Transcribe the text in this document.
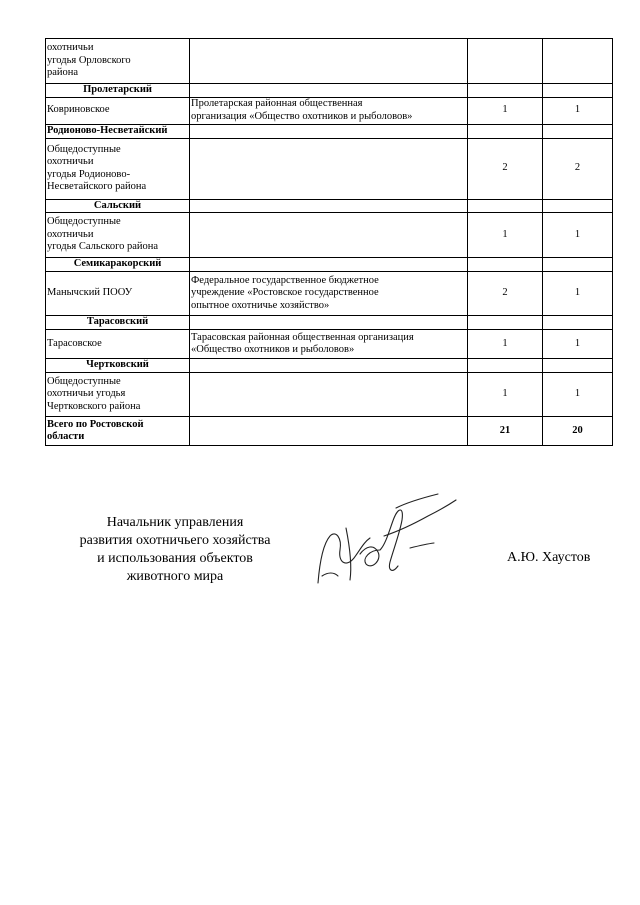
охотничьи
угодья Орловского
района			
Пролетарский			
Ковриновское	Пролетарская районная общественная
организация «Общество охотников и рыболовов»	1	1
Родионово-Несветайский			
Общедоступные
охотничьи
угодья Родионово-
Несветайского района		2	2
Сальский			
Общедоступные
охотничьи
угодья Сальского района		1	1
Семикаракорский			
Манычский ПООУ	Федеральное государственное бюджетное
учреждение «Ростовское государственное
опытное охотничье хозяйство»	2	1
Тарасовский			
Тарасовское	Тарасовская районная общественная организация
«Общество охотников и рыболовов»	1	1
Чертковский			
Общедоступные
охотничьи угодья
Чертковского района		1	1
Всего по Ростовской
области		21	20
Начальник управления
развития охотничьего хозяйства
и использования объектов
животного мира
А.Ю. Хаустов
